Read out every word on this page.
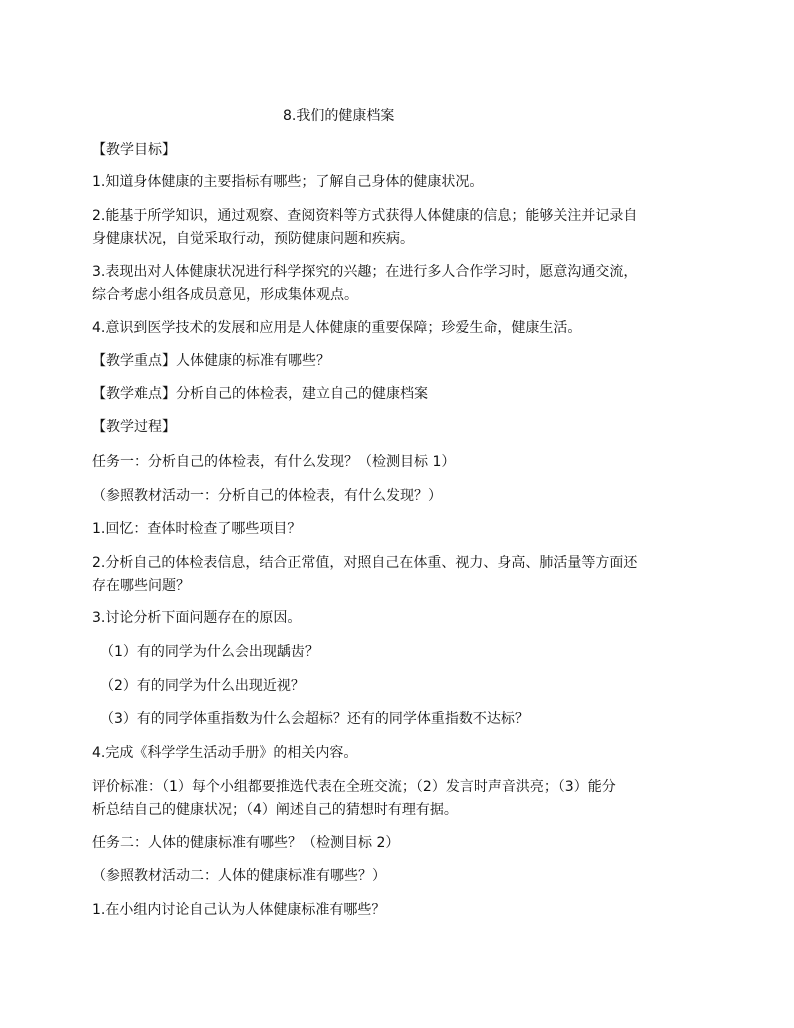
8.我们的健康档案
【教学目标】
1.知道身体健康的主要指标有哪些；了解自己身体的健康状况。
2.能基于所学知识，通过观察、查阅资料等方式获得人体健康的信息；能够关注并记录自
身健康状况，自觉采取行动，预防健康问题和疾病。
3.表现出对人体健康状况进行科学探究的兴趣；在进行多人合作学习时，愿意沟通交流，
综合考虑小组各成员意见，形成集体观点。
4.意识到医学技术的发展和应用是人体健康的重要保障；珍爱生命，健康生活。
【教学重点】人体健康的标准有哪些？
【教学难点】分析自己的体检表，建立自己的健康档案
【教学过程】
任务一：分析自己的体检表，有什么发现？（检测目标 1）
（参照教材活动一：分析自己的体检表，有什么发现？）
1.回忆：查体时检查了哪些项目？
2.分析自己的体检表信息，结合正常值，对照自己在体重、视力、身高、肺活量等方面还
存在哪些问题？
3.讨论分析下面问题存在的原因。
（1）有的同学为什么会出现龋齿？
（2）有的同学为什么出现近视？
（3）有的同学体重指数为什么会超标？还有的同学体重指数不达标？
4.完成《科学学生活动手册》的相关内容。
评价标准：（1）每个小组都要推选代表在全班交流；（2）发言时声音洪亮；（3）能分
析总结自己的健康状况；（4）阐述自己的猜想时有理有据。
任务二：人体的健康标准有哪些？（检测目标 2）
（参照教材活动二：人体的健康标准有哪些？）
1.在小组内讨论自己认为人体健康标准有哪些？
